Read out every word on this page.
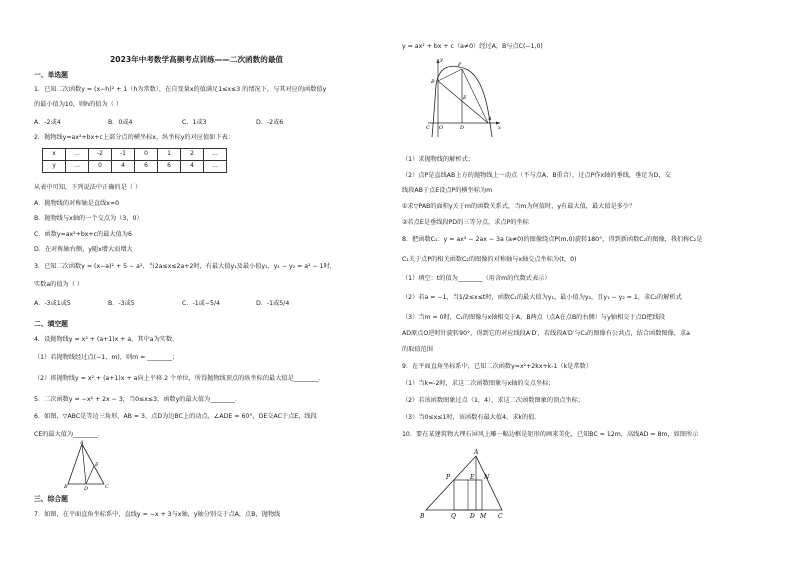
2023年中考数学高频考点训练——二次函数的最值
一、单选题
1．已知二次函数y = (x−h)² + 1（h为常数），在自变量x的值满足1≤x≤3 的情况下，与其对应的函数值y
的最小值为10，则h的值为（ ）
A．-2或4	B．0或4	C．1或3	D．-2或6
2．抛物线y=ax²+bx+c上部分点的横坐标x，纵坐标y的对应值如下表：
x	...	-2	-1	0	1	2	...
y	...	0	4	6	6	4	...
从表中可知，下列说法中正确的是（ ）
A．抛物线的对称轴是直线x=0
B．抛物线与x轴的一个交点为（3，0）
C．函数y=ax²+bx+c的最大值为6
D．在对称轴右侧，y随x增大而增大
3．已知二次函数y = (x−a)² + 5 − a²，当2a≤x≤2a+2时，有最大值y₁及最小值y₂，y₁ − y₂ = a² − 1时，
实数a的值为（ ）
A．-3或1或5	B．-3或5	C．-1或−5/4	D．-1或5/4
二、填空题
4．设抛物线y = x² + (a+1)x + a，其中a为实数．
（1）若抛物线经过点(−1，m)，则m = ________；
（2）将抛物线y = x² + (a+1)x + a向上平移 2 个单位，所得抛物线顶点的纵坐标的最大值是________．
5．二次函数y = −x² + 2x − 3，当0≤x≤3，函数y的最大值为________．
6．如图，▽ABC是等边三角形，AB = 3，点D为边BC上的动点，∠ADE = 60°，DE交AC于点E，线段
CE的最大值为________．
A
B	C
D
E
三、综合题
7．如图，在平面直角坐标系中，直线y = −x + 3与x轴，y轴分别交于点A，点B，抛物线
y = ax² + bx + c（a≠0）经过A，B与点C(−1,0)
y
B
P
E
C O	D
A
x
（1）求抛物线的解析式；
（2）点P是直线AB上方的抛物线上一动点（不与点A，B重合），过点P作x轴的垂线，垂足为D，交
线段AB于点E设点P的横坐标为m
①求▽PAB的面积y关于m的函数关系式，当m为何值时，y有最大值，最大值是多少？
②若点E是垂线段PD的三等分点，求点P的坐标
8．把函数C₁：y = ax² − 2ax − 3a (a≠0)的图像绕点P(m,0)旋转180°，得到新函数C₂的图像，我们称C₂是
C₁关于点P的相关函数C₂的图像的对称轴与x轴交点坐标为(t，0)
（1）填空：t的值为________（用含m的代数式表示）
（2）若a = −1，当1/2≤x≤t时，函数C₁的最大值为y₁，最小值为y₂，且y₁ − y₂ = 1，求C₂的解析式
（3）当m = 0时，C₂的图像与x轴相交于A，B两点（点A在点B的右侧）与y轴相交于点D把线段
AD原点O逆时针旋转90°，得到它的对应线段A′D′，若线段A′D′与C₂的图像有公共点，结合函数图像，求a
的取值范围
9．在平面直角坐标系中，已知二次函数y=x²+2kx+k-1（k是常数）
（1）当k=-2时，求这二次函数图象与x轴的交点坐标；
（2）若该函数图象过点（1，4），求这二次函数图象的顶点坐标；
（3）当0≤x≤1时，该函数有最大值4，求k的值．
10．要在某建筑物大理石屏风上雕一幅边框是矩形的画来美化，已知BC = 12m，高线AD = 8m，如图所示
A
P	E N
B	Q D M C
